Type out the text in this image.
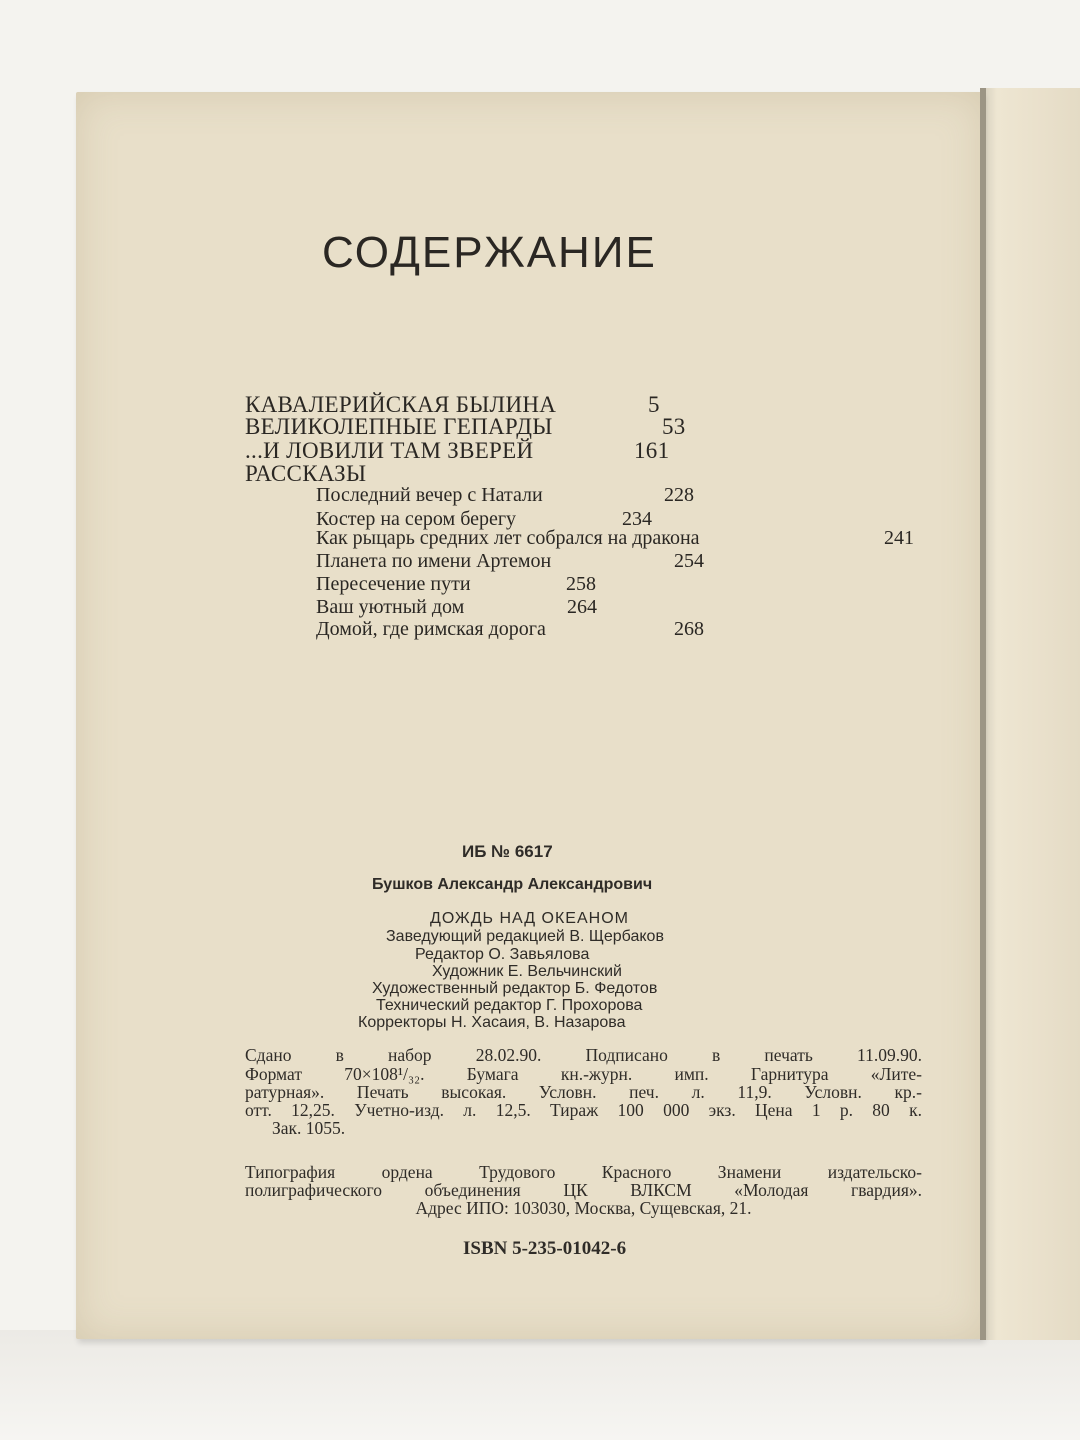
СОДЕРЖАНИЕ
КАВАЛЕРИЙСКАЯ БЫЛИНА	5
ВЕЛИКОЛЕПНЫЕ ГЕПАРДЫ	53
...И ЛОВИЛИ ТАМ ЗВЕРЕЙ	161
РАССКАЗЫ
Последний вечер с Натали	228
Костер на сером берегу	234
Как рыцарь средних лет собрался на дракона	241
Планета по имени Артемон	254
Пересечение пути	258
Ваш уютный дом	264
Домой, где римская дорога	268
ИБ № 6617
Бушков Александр Александрович
ДОЖДЬ НАД ОКЕАНОМ
Заведующий редакцией В. Щербаков
Редактор О. Завьялова
Художник Е. Вельчинский
Художественный редактор Б. Федотов
Технический редактор Г. Прохорова
Корректоры Н. Хасаия, В. Назарова
Сдано в набор 28.02.90. Подписано в печать 11.09.90.
Формат 70×108¹/₃₂. Бумага кн.-журн. имп. Гарнитура «Лите-
ратурная». Печать высокая. Условн. печ. л. 11,9. Условн. кр.-
отт. 12,25. Учетно-изд. л. 12,5. Тираж 100 000 экз. Цена 1 р. 80 к.
Зак. 1055.
Типография ордена Трудового Красного Знамени издательско-
полиграфического объединения ЦК ВЛКСМ «Молодая гвардия».
Адрес ИПО: 103030, Москва, Сущевская, 21.
ISBN 5-235-01042-6
